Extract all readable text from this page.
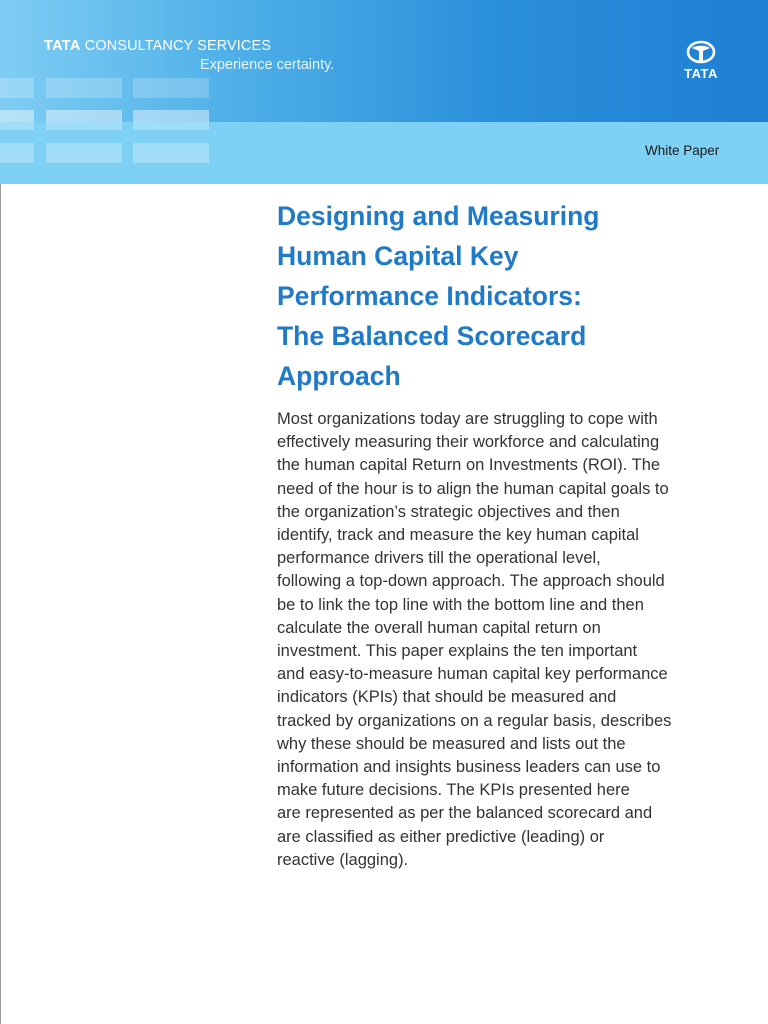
TATA CONSULTANCY SERVICES
Experience certainty.
TATA
White Paper
Designing and Measuring
Human Capital Key
Performance Indicators:
The Balanced Scorecard
Approach

Most organizations today are struggling to cope with
effectively measuring their workforce and calculating
the human capital Return on Investments (ROI). The
need of the hour is to align the human capital goals to
the organization’s strategic objectives and then
identify, track and measure the key human capital
performance drivers till the operational level,
following a top-down approach. The approach should
be to link the top line with the bottom line and then
calculate the overall human capital return on
investment. This paper explains the ten important
and easy-to-measure human capital key performance
indicators (KPIs) that should be measured and
tracked by organizations on a regular basis, describes
why these should be measured and lists out the
information and insights business leaders can use to
make future decisions. The KPIs presented here
are represented as per the balanced scorecard and
are classified as either predictive (leading) or
reactive (lagging).
